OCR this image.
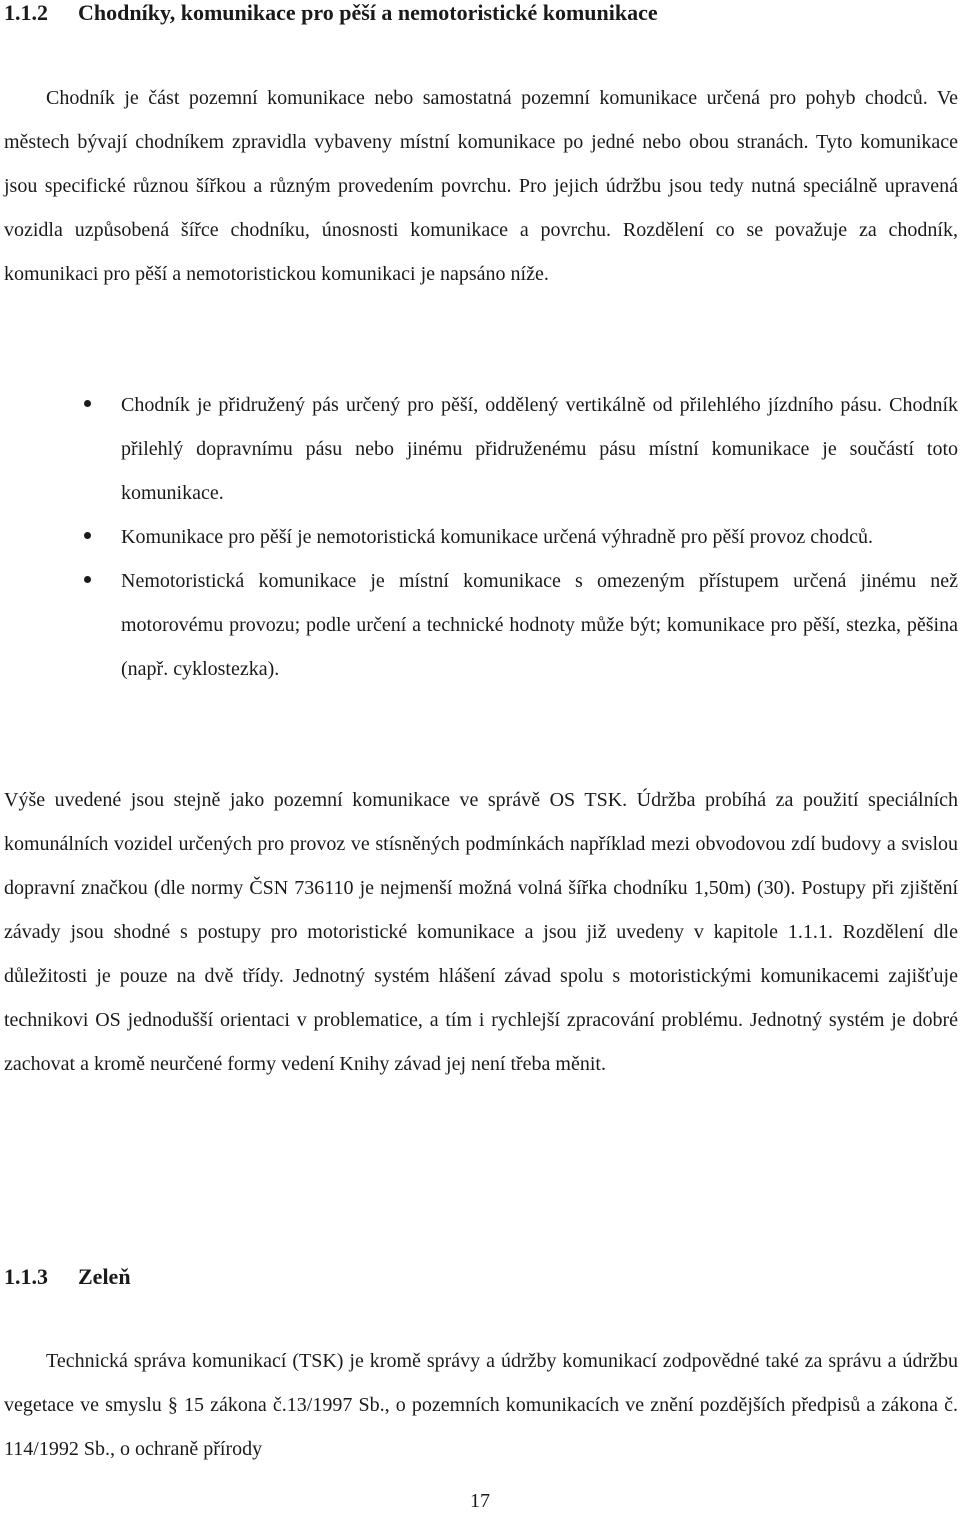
1.1.2 Chodníky, komunikace pro pěší a nemotoristické komunikace

Chodník je část pozemní komunikace nebo samostatná pozemní komunikace určená pro pohyb chodců. Ve městech bývají chodníkem zpravidla vybaveny místní komunikace po jedné nebo obou stranách. Tyto komunikace jsou specifické různou šířkou a různým provedením povrchu. Pro jejich údržbu jsou tedy nutná speciálně upravená vozidla uzpůsobená šířce chodníku, únosnosti komunikace a povrchu. Rozdělení co se považuje za chodník, komunikaci pro pěší a nemotoristickou komunikaci je napsáno níže.

Chodník je přidružený pás určený pro pěší, oddělený vertikálně od přilehlého jízdního pásu. Chodník přilehlý dopravnímu pásu nebo jinému přidruženému pásu místní komunikace je součástí toto komunikace.
Komunikace pro pěší je nemotoristická komunikace určená výhradně pro pěší provoz chodců.
Nemotoristická komunikace je místní komunikace s omezeným přístupem určená jinému než motorovému provozu; podle určení a technické hodnoty může být; komunikace pro pěší, stezka, pěšina (např. cyklostezka).

Výše uvedené jsou stejně jako pozemní komunikace ve správě OS TSK. Údržba probíhá za použití speciálních komunálních vozidel určených pro provoz ve stísněných podmínkách například mezi obvodovou zdí budovy a svislou dopravní značkou (dle normy ČSN 736110 je nejmenší možná volná šířka chodníku 1,50m) (30). Postupy při zjištění závady jsou shodné s postupy pro motoristické komunikace a jsou již uvedeny v kapitole 1.1.1. Rozdělení dle důležitosti je pouze na dvě třídy. Jednotný systém hlášení závad spolu s motoristickými komunikacemi zajišťuje technikovi OS jednodušší orientaci v problematice, a tím i rychlejší zpracování problému. Jednotný systém je dobré zachovat a kromě neurčené formy vedení Knihy závad jej není třeba měnit.

1.1.3 Zeleň

Technická správa komunikací (TSK) je kromě správy a údržby komunikací zodpovědné také za správu a údržbu vegetace ve smyslu § 15 zákona č.13/1997 Sb., o pozemních komunikacích ve znění pozdějších předpisů a zákona č. 114/1992 Sb., o ochraně přírody

17
